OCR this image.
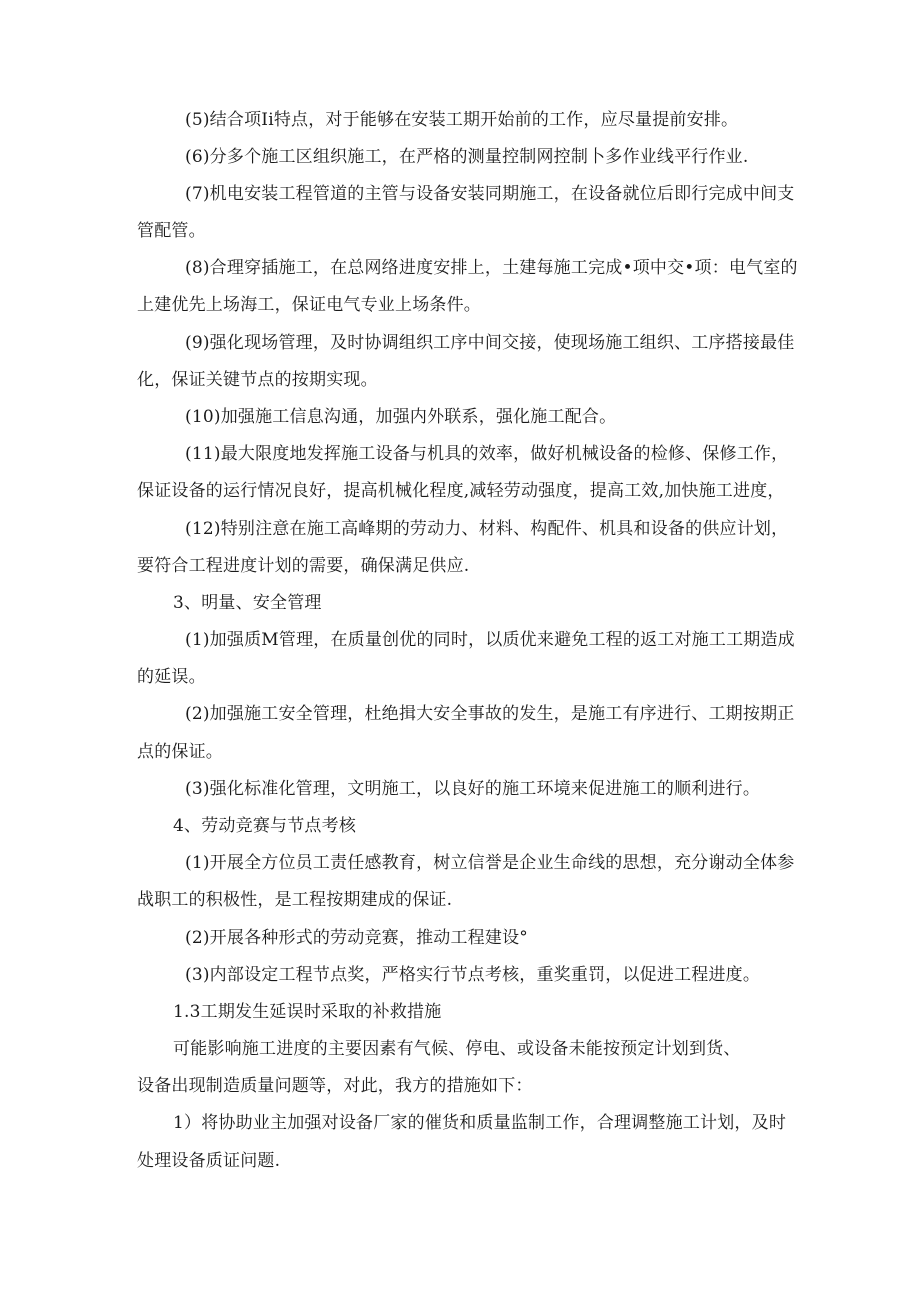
(5)结合项Ii特点，对于能够在安装工期开始前的工作，应尽量提前安排。
(6)分多个施工区组织施工，在严格的测量控制网控制卜多作业线平行作业.
(7)机电安装工程管道的主管与设备安装同期施工，在设备就位后即行完成中间支
管配管。
(8)合理穿插施工，在总网络进度安排上，土建每施工完成•项中交•项：电气室的
上建优先上场海工，保证电气专业上场条件。
(9)强化现场管理，及时协调组织工序中间交接，使现场施工组织、工序搭接最佳
化，保证关键节点的按期实现。
(10)加强施工信息沟通，加强内外联系，强化施工配合。
(11)最大限度地发挥施工设备与机具的效率，做好机械设备的检修、保修工作，
保证设备的运行情况良好，提高机械化程度,减轻劳动强度，提高工效,加快施工进度，
(12)特别注意在施工高峰期的劳动力、材料、构配件、机具和设备的供应计划，
要符合工程进度计划的需要，确保满足供应.
3、明量、安全管理
(1)加强质M管理，在质量创优的同时，以质优来避免工程的返工对施工工期造成
的延误。
(2)加强施工安全管理，杜绝揖大安全事故的发生，是施工有序进行、工期按期正
点的保证。
(3)强化标准化管理，文明施工，以良好的施工环境来促进施工的顺利进行。
4、劳动竞赛与节点考核
(1)开展全方位员工责任感教育，树立信誉是企业生命线的思想，充分谢动全体参
战职工的积极性，是工程按期建成的保证.
(2)开展各种形式的劳动竞赛，推动工程建设°
(3)内部设定工程节点奖，严格实行节点考核，重奖重罚，以促进工程进度。
1.3工期发生延误时采取的补救措施
可能影响施工进度的主要因素有气候、停电、或设备未能按预定计划到货、
设备出现制造质量问题等，对此，我方的措施如下：
1）将协助业主加强对设备厂家的催货和质量监制工作，合理调整施工计划，及时
处理设备质证问题.
